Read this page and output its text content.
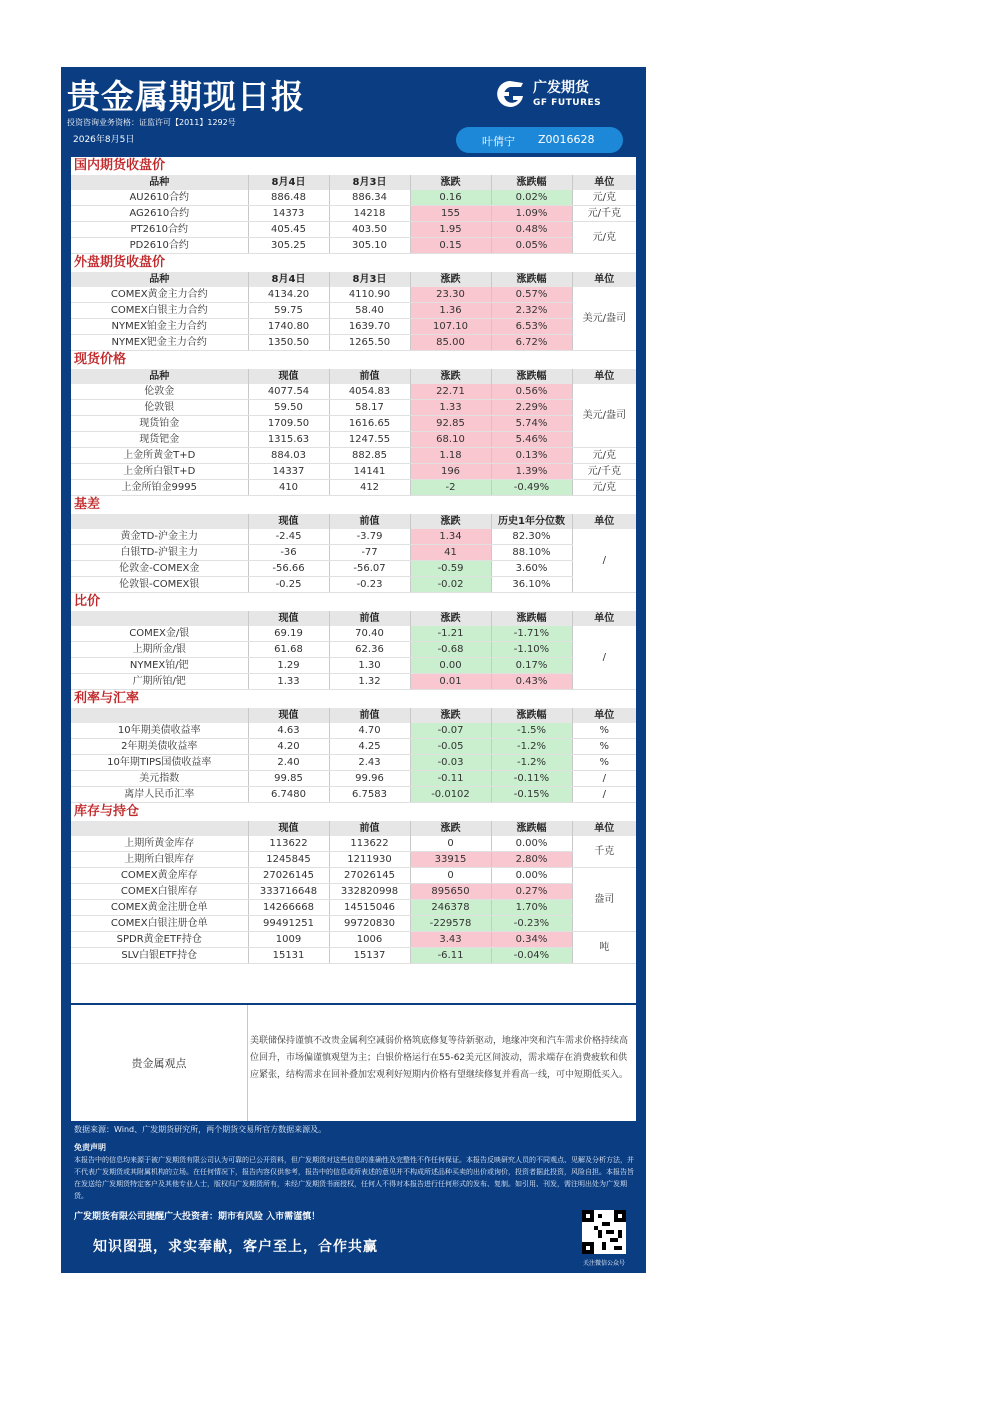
贵金属期现日报
投资咨询业务资格：证监许可【2011】1292号
2026年8月5日
广发期货
GF FUTURES
叶倩宁 Z0016628
国内期货收盘价					
品种	8月4日	8月3日	涨跌	涨跌幅	单位
AU2610合约	886.48	886.34	0.16	0.02%	元/克
AG2610合约	14373	14218	155	1.09%	元/千克
PT2610合约	405.45	403.50	1.95	0.48%	元/克
PD2610合约	305.25	305.10	0.15	0.05%	
外盘期货收盘价					
品种	8月4日	8月3日	涨跌	涨跌幅	单位
COMEX黄金主力合约	4134.20	4110.90	23.30	0.57%	美元/盎司
COMEX白银主力合约	59.75	58.40	1.36	2.32%	
NYMEX铂金主力合约	1740.80	1639.70	107.10	6.53%	
NYMEX钯金主力合约	1350.50	1265.50	85.00	6.72%	
现货价格					
品种	现值	前值	涨跌	涨跌幅	单位
伦敦金	4077.54	4054.83	22.71	0.56%	美元/盎司
伦敦银	59.50	58.17	1.33	2.29%	
现货铂金	1709.50	1616.65	92.85	5.74%	
现货钯金	1315.63	1247.55	68.10	5.46%	
上金所黄金T+D	884.03	882.85	1.18	0.13%	元/克
上金所白银T+D	14337	14141	196	1.39%	元/千克
上金所铂金9995	410	412	-2	-0.49%	元/克
基差					
	现值	前值	涨跌	历史1年分位数	单位
黄金TD-沪金主力	-2.45	-3.79	1.34	82.30%	/
白银TD-沪银主力	-36	-77	41	88.10%	
伦敦金-COMEX金	-56.66	-56.07	-0.59	3.60%	
伦敦银-COMEX银	-0.25	-0.23	-0.02	36.10%	
比价					
	现值	前值	涨跌	涨跌幅	单位
COMEX金/银	69.19	70.40	-1.21	-1.71%	/
上期所金/银	61.68	62.36	-0.68	-1.10%	
NYMEX铂/钯	1.29	1.30	0.00	0.17%	
广期所铂/钯	1.33	1.32	0.01	0.43%	
利率与汇率					
	现值	前值	涨跌	涨跌幅	单位
10年期美债收益率	4.63	4.70	-0.07	-1.5%	%
2年期美债收益率	4.20	4.25	-0.05	-1.2%	%
10年期TIPS国债收益率	2.40	2.43	-0.03	-1.2%	%
美元指数	99.85	99.96	-0.11	-0.11%	/
离岸人民币汇率	6.7480	6.7583	-0.0102	-0.15%	/
库存与持仓					
	现值	前值	涨跌	涨跌幅	单位
上期所黄金库存	113622	113622	0	0.00%	千克
上期所白银库存	1245845	1211930	33915	2.80%	
COMEX黄金库存	27026145	27026145	0	0.00%	盎司
COMEX白银库存	333716648	332820998	895650	0.27%	
COMEX黄金注册仓单	14266668	14515046	246378	1.70%	
COMEX白银注册仓单	99491251	99720830	-229578	-0.23%	
SPDR黄金ETF持仓	1009	1006	3.43	0.34%	吨
SLV白银ETF持仓	15131	15137	-6.11	-0.04%	
贵金属观点
美联储保持谨慎不改贵金属利空减弱价格筑底修复等待新驱动，地缘冲突和汽车需求价格持续高位回升，市场偏谨慎观望为主；白银价格运行在55-62美元区间波动，需求端存在消费疲软和供应紧张，结构需求在回补叠加宏观利好短期内价格有望继续修复并看高一线，可中短期低买入。
数据来源：Wind、广发期货研究所，两个期货交易所官方数据来源及。
免责声明
本报告中的信息均来源于被广发期货有限公司认为可靠的已公开资料，但广发期货对这些信息的准确性及完整性不作任何保证。本报告反映研究人员的不同观点、见解及分析方法，并不代表广发期货或其附属机构的立场。在任何情况下，报告内容仅供参考，报告中的信息或所表述的意见并不构成所述品种买卖的出价或询价，投资者据此投资，风险自担。本报告旨在发送给广发期货特定客户及其他专业人士，版权归广发期货所有，未经广发期货书面授权，任何人不得对本报告进行任何形式的发布、复制。如引用、刊发，需注明出处为广发期货。
广发期货有限公司提醒广大投资者：期市有风险 入市需谨慎！
知识图强，求实奉献，客户至上，合作共赢
关注微信公众号
